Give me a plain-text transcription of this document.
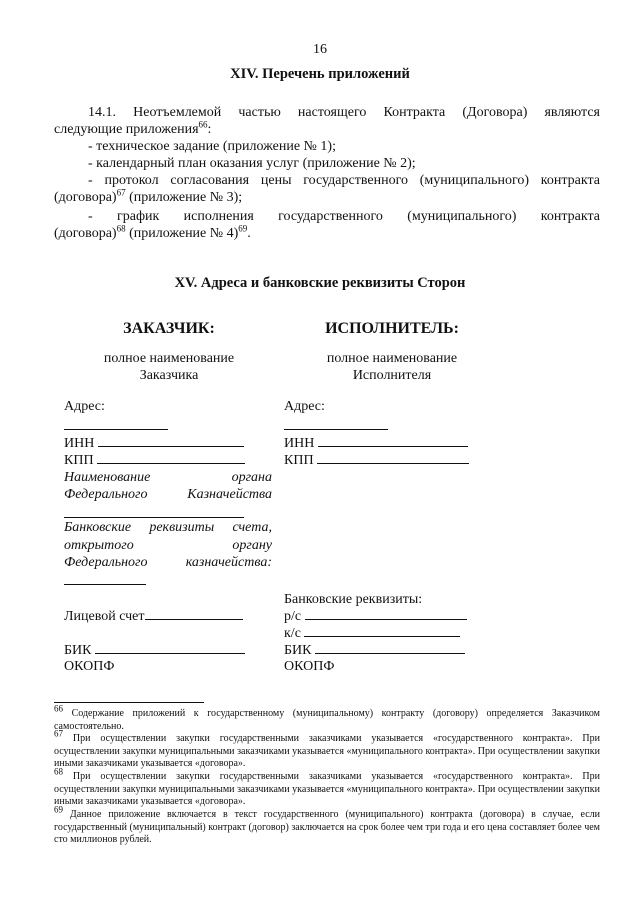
16
XIV. Перечень приложений
14.1. Неотъемлемой частью настоящего Контракта (Договора) являются
следующие приложения$^{66}$:
- техническое задание (приложение № 1);
- календарный план оказания услуг (приложение № 2);
- протокол согласования цены государственного (муниципального) контракта
(договора)$^{67}$ (приложение № 3);
- график исполнения государственного (муниципального) контракта
(договора)$^{68}$ (приложение № 4)$^{69}$.
XV. Адреса и банковские реквизиты Сторон
ЗАКАЗЧИК:
полное наименование
Заказчика
Адрес:
ИНН
КПП
Наименование	органа
Федерального	Казначейства
Банковские реквизиты счета,
открытого	органу
Федерального	казначейства:
Лицевой счет
БИК
ОКОПФ
ИСПОЛНИТЕЛЬ:
полное наименование
Исполнителя
Адрес:
ИНН
КПП
Банковские реквизиты:
р/с
к/с
БИК
ОКОПФ
$^{66}$ Содержание приложений к государственному (муниципальному) контракту (договору) определяется Заказчиком самостоятельно.
$^{67}$ При осуществлении закупки государственными заказчиками указывается «государственного контракта». При осуществлении закупки муниципальными заказчиками указывается «муниципального контракта». При осуществлении закупки иными заказчиками указывается «договора».
$^{68}$ При осуществлении закупки государственными заказчиками указывается «государственного контракта». При осуществлении закупки муниципальными заказчиками указывается «муниципального контракта». При осуществлении закупки иными заказчиками указывается «договора».
$^{69}$ Данное приложение включается в текст государственного (муниципального) контракта (договора) в случае, если государственный (муниципальный) контракт (договор) заключается на срок более чем три года и его цена составляет более чем сто миллионов рублей.
